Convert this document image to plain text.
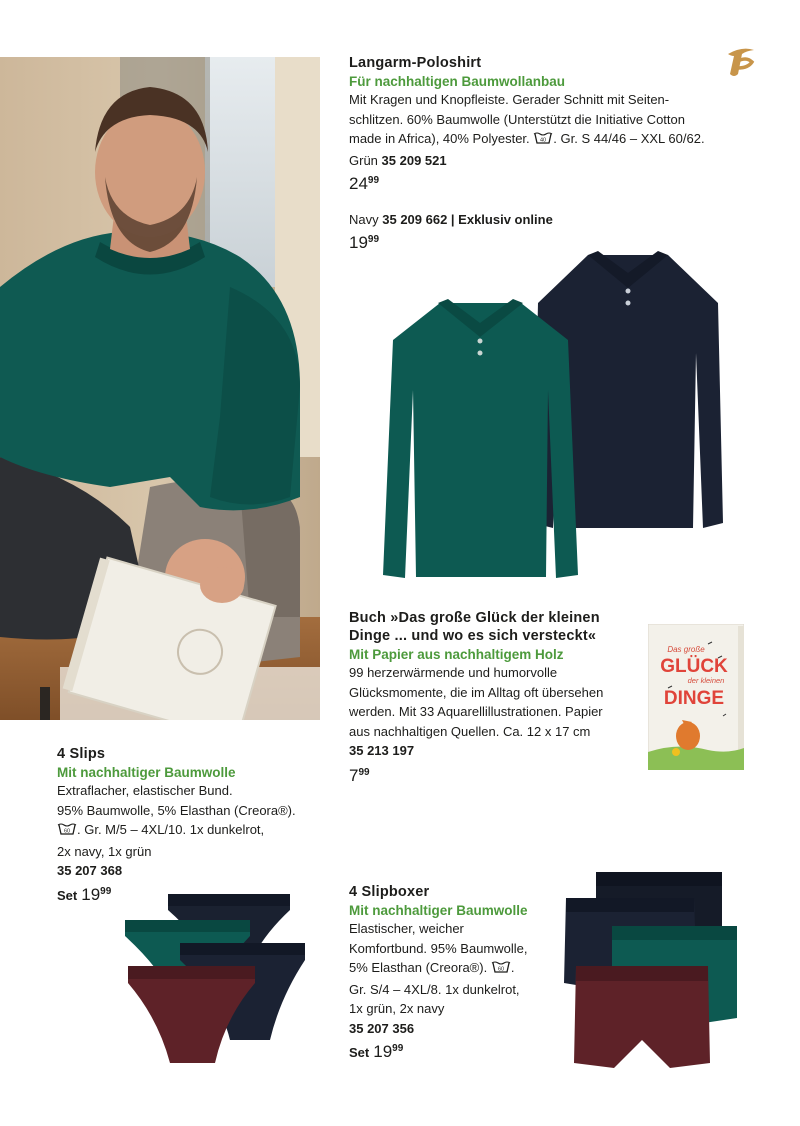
Langarm-Poloshirt
Für nachhaltigen Baumwollanbau
Mit Kragen und Knopfleiste. Gerader Schnitt mit Seiten-
schlitzen. 60% Baumwolle (Unterstützt die Initiative Cotton
made in Africa), 40% Polyester. 40 . Gr. S 44/46 – XXL 60/62.
Grün 35 209 521
$24^{99}$
Navy 35 209 662 | Exklusiv online
$19^{99}$
Buch »Das große Glück der kleinen
Dinge ... und wo es sich versteckt«
Mit Papier aus nachhaltigem Holz
99 herzerwärmende und humorvolle
Glücksmomente, die im Alltag oft übersehen
werden. Mit 33 Aquarellillustrationen. Papier
aus nachhaltigen Quellen. Ca. 12 x 17 cm
35 213 197
$7^{99}$
Das große
GLÜCK
der kleinen
DINGE
4 Slips
Mit nachhaltiger Baumwolle
Extraflacher, elastischer Bund.
95% Baumwolle, 5% Elasthan (Creora®).
60 . Gr. M/5 – 4XL/10. 1x dunkelrot,
2x navy, 1x grün
35 207 368
Set $19^{99}$	4 Slipboxer
Mit nachhaltiger Baumwolle
Elastischer, weicher
Komfortbund. 95% Baumwolle,
5% Elasthan (Creora®). 60 .
Gr. S/4 – 4XL/8. 1x dunkelrot,
1x grün, 2x navy
35 207 356
Set $19^{99}$
